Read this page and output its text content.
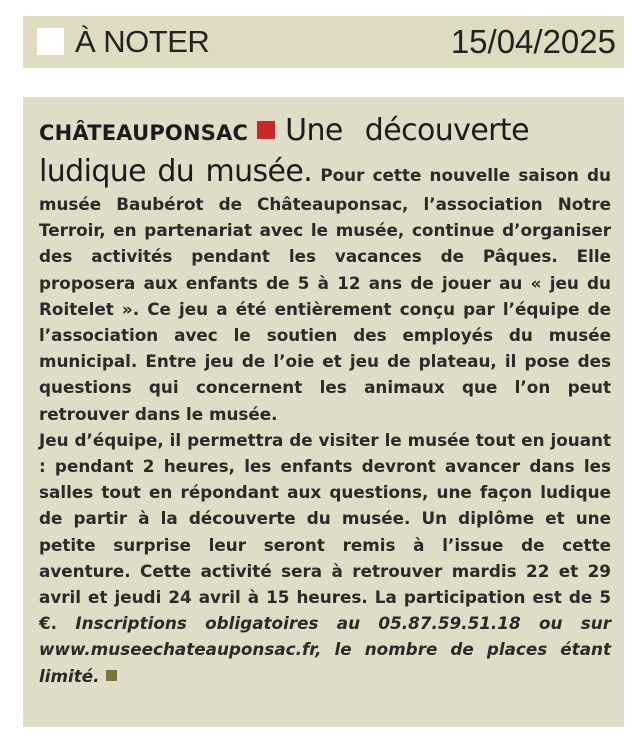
À NOTER	15/04/2025
CHÂTEAUPONSAC Une découverte

ludique du musée. Pour cette nouvelle saison du musée Baubérot de Châteauponsac, l’association Notre Terroir, en partenariat avec le musée, continue d’organiser des activités pendant les vacances de Pâques. Elle proposera aux enfants de 5 à 12 ans de jouer au « jeu du Roitelet ». Ce jeu a été entièrement conçu par l’équipe de l’association avec le soutien des employés du musée municipal. Entre jeu de l’oie et jeu de plateau, il pose des questions qui concernent les animaux que l’on peut retrouver dans le musée.

Jeu d’équipe, il permettra de visiter le musée tout en jouant : pendant 2 heures, les enfants devront avancer dans les salles tout en répondant aux questions, une façon ludique de partir à la découverte du musée. Un diplôme et une petite surprise leur seront remis à l’issue de cette aventure. Cette activité sera à retrouver mardis 22 et 29 avril et jeudi 24 avril à 15 heures. La participation est de 5 €. Inscriptions obligatoires au 05.87.59.51.18 ou sur www.museechateauponsac.fr, le nombre de places étant limité.
